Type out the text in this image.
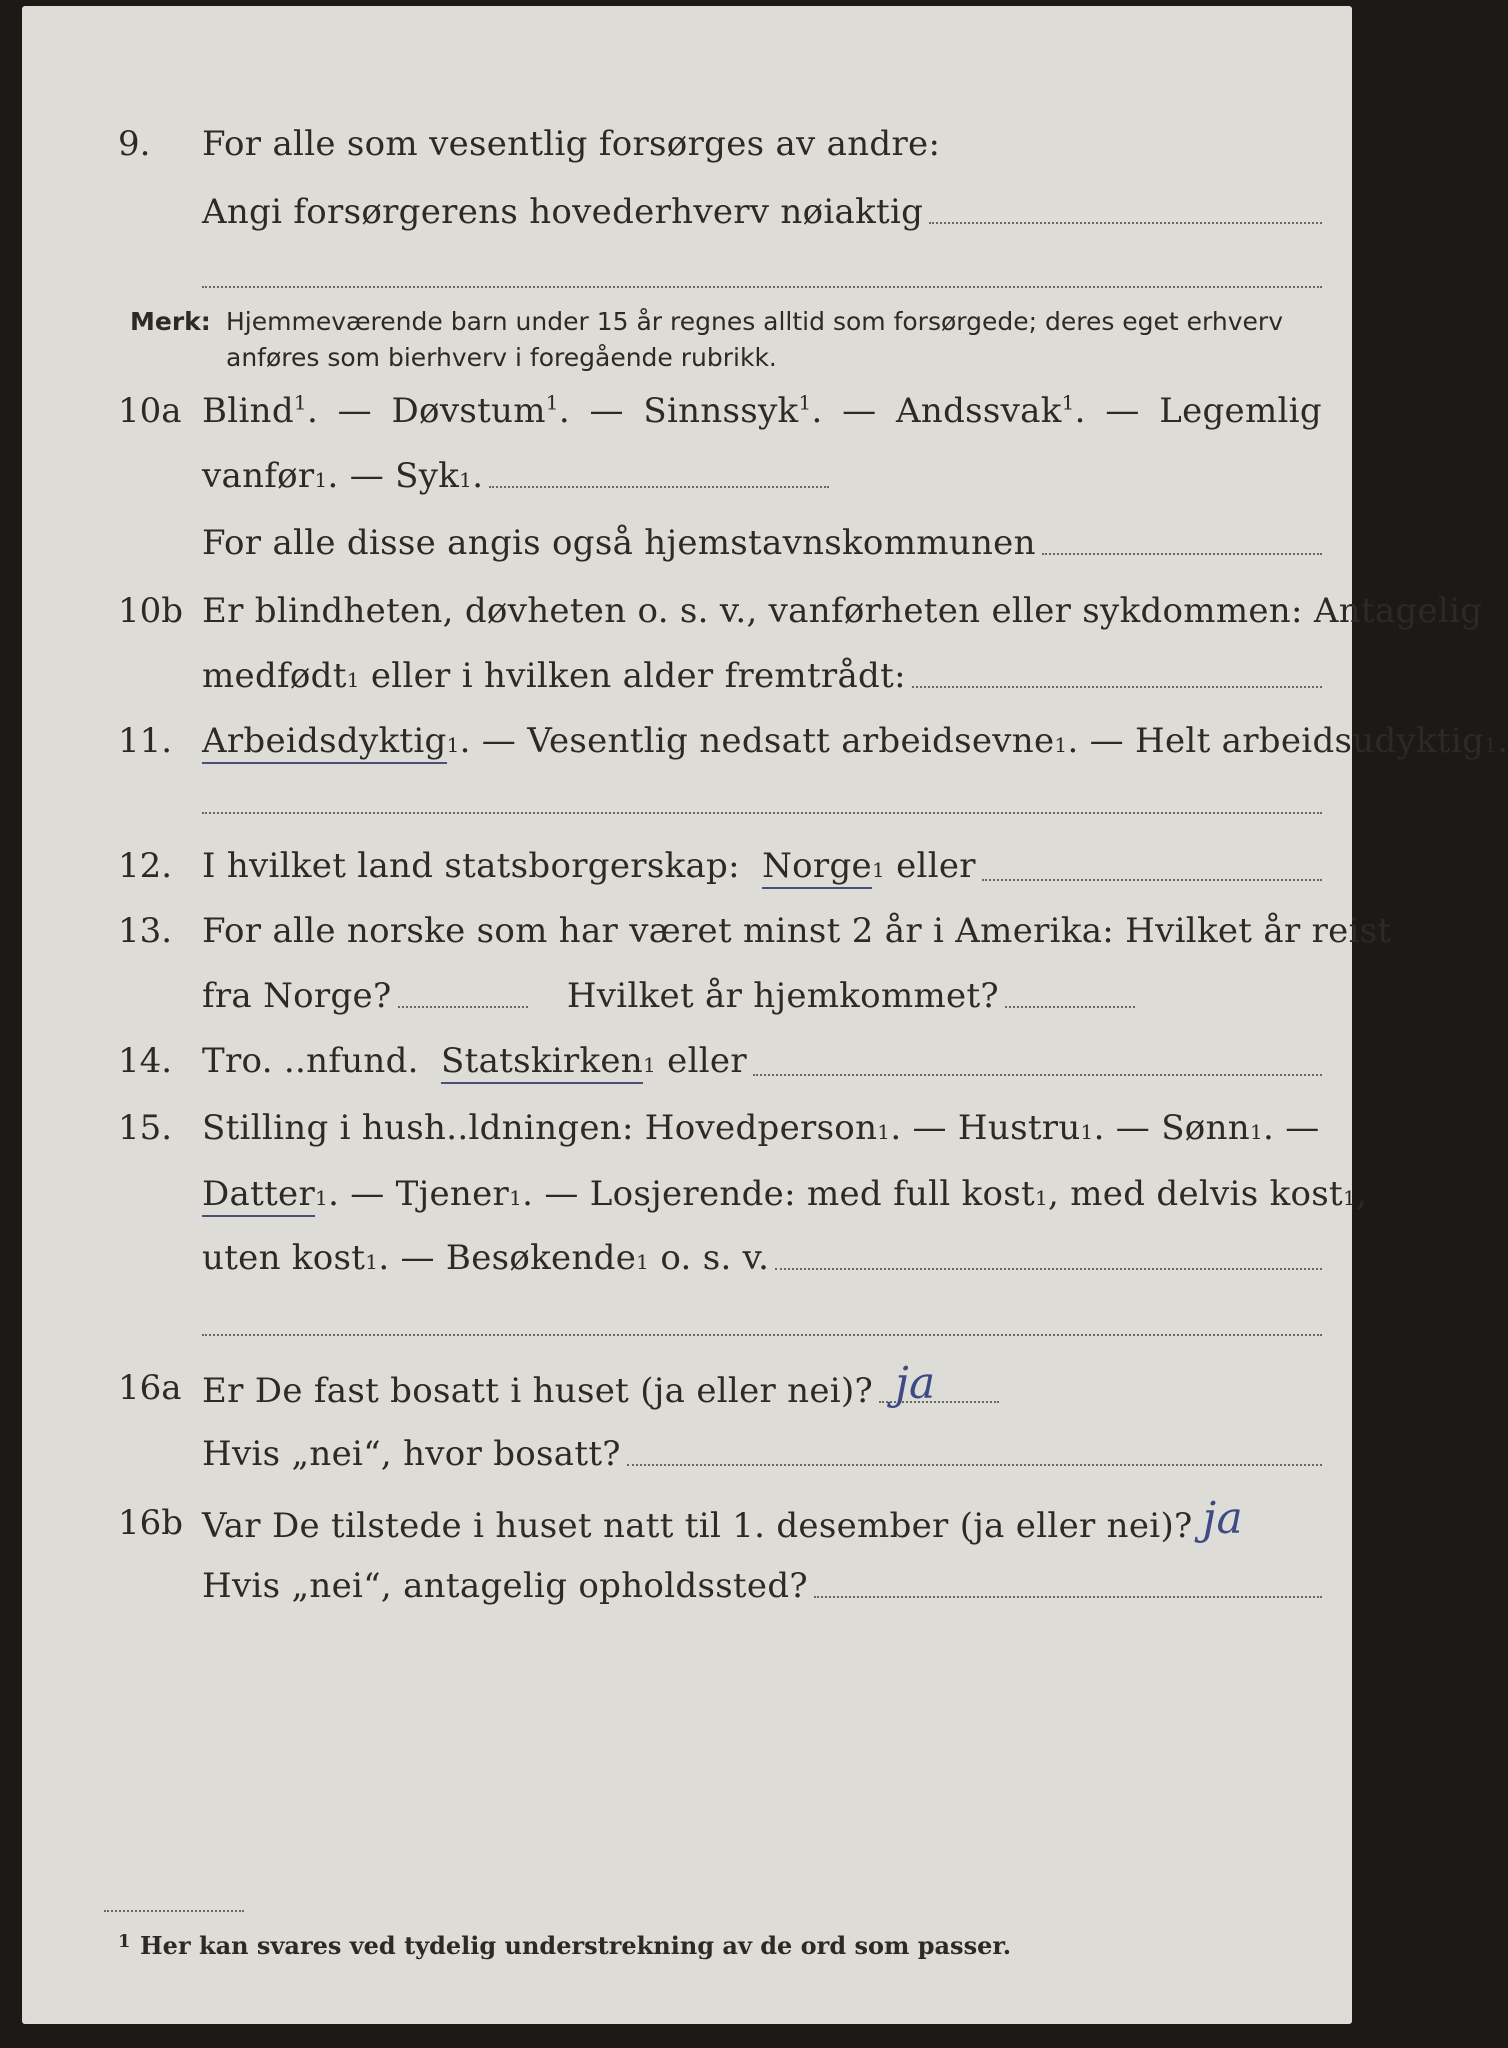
9. For alle som vesentlig forsørges av andre:
Angi forsørgerens hovederhverv nøiaktig
Merk: Hjemmeværende barn under 15 år regnes alltid som forsørgede; deres eget erhverv
anføres som bierhverv i foregående rubrikk.
10a Blind$^1$. — Døvstum$^1$. — Sinnssyk$^1$. — Andssvak$^1$. — Legemlig
vanfør 1 .
—
Syk 1 .
For alle disse angis også hjemstavnskommunen
10b Er blindheten, døvheten o. s. v., vanførheten eller sykdommen: Antagelig
medfødt 1
eller i hvilken alder fremtrådt:
11. Arbeidsdyktig 1 . — Vesentlig nedsatt arbeidsevne 1 . — Helt arbeidsudyktig 1 .
12. I hvilket land statsborgerskap:
Norge 1
eller
13. For alle norske som har været minst 2 år i Amerika: Hvilket år reist
fra Norge?
	Hvilket år hjemkommet?
14. Tro. ..nfund.
Statskirken 1
eller
15. Stilling i hush..ldningen: Hovedperson 1 . — Hustru 1 . — Sønn 1 . —
Datter 1 . — Tjener 1 . — Losjerende: med full kost 1 , med delvis kost 1 ,
uten kost 1 . — Besøkende 1
o. s. v.
16a Er De fast bosatt i huset (ja eller nei)? ja
Hvis „nei“, hvor bosatt?
16b Var De tilstede i huset natt til 1. desember (ja eller nei)? ja
Hvis „nei“, antagelig opholdssted?
1 Her kan svares ved tydelig understrekning av de ord som passer.
